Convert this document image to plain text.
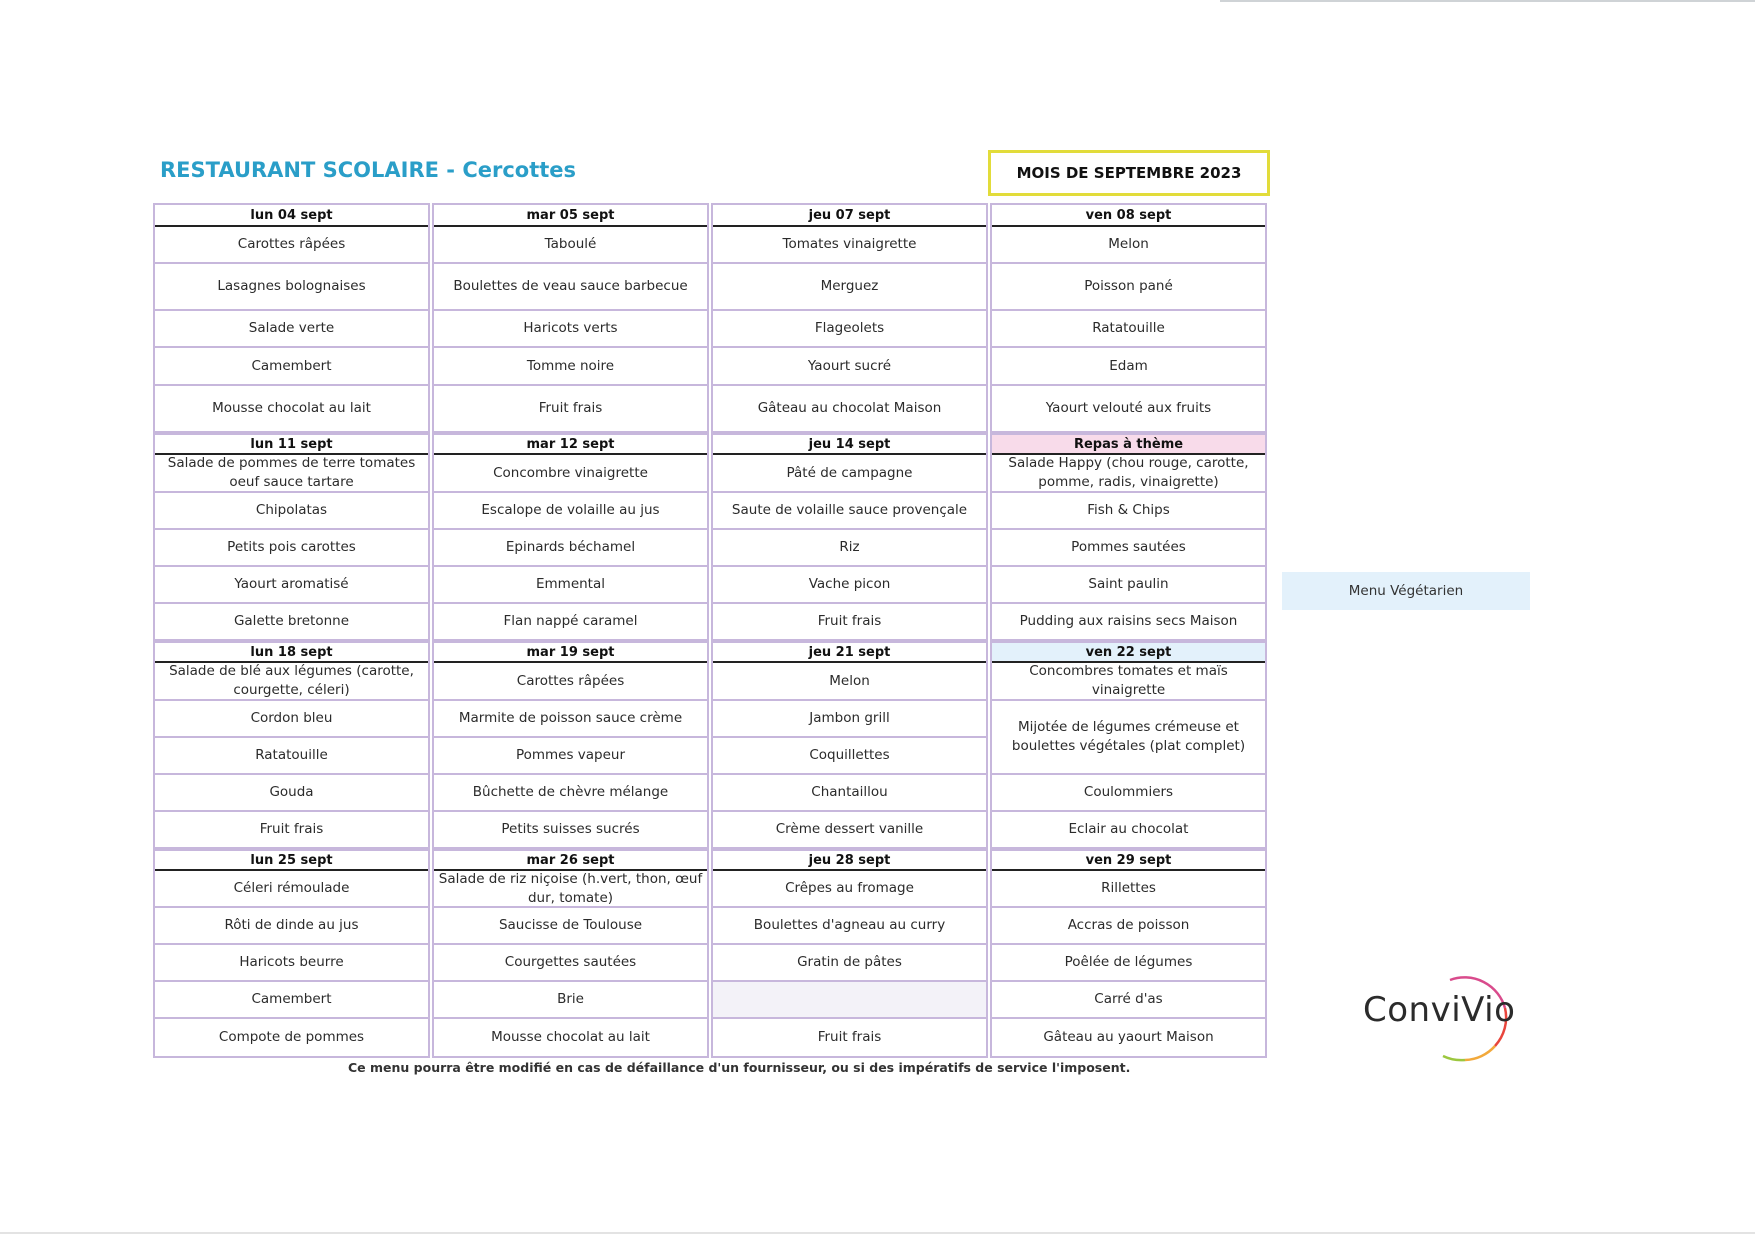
RESTAURANT SCOLAIRE - Cercottes	MOIS DE SEPTEMBRE 2023
lun 04 sept
Carottes râpées
Lasagnes bolognaises
Salade verte
Camembert
Mousse chocolat au lait
lun 11 sept
Salade de pommes de terre tomates oeuf sauce tartare
Chipolatas
Petits pois carottes
Yaourt aromatisé
Galette bretonne
lun 18 sept
Salade de blé aux légumes (carotte, courgette, céleri)
Cordon bleu
Ratatouille
Gouda
Fruit frais
lun 25 sept
Céleri rémoulade
Rôti de dinde au jus
Haricots beurre
Camembert
Compote de pommes
mar 05 sept
Taboulé
Boulettes de veau sauce barbecue
Haricots verts
Tomme noire
Fruit frais
mar 12 sept
Concombre vinaigrette
Escalope de volaille au jus
Epinards béchamel
Emmental
Flan nappé caramel
mar 19 sept
Carottes râpées
Marmite de poisson sauce crème
Pommes vapeur
Bûchette de chèvre mélange
Petits suisses sucrés
mar 26 sept
Salade de riz niçoise (h.vert, thon, œuf dur, tomate)
Saucisse de Toulouse
Courgettes sautées
Brie
Mousse chocolat au lait
jeu 07 sept
Tomates vinaigrette
Merguez
Flageolets
Yaourt sucré
Gâteau au chocolat Maison
jeu 14 sept
Pâté de campagne
Saute de volaille sauce provençale
Riz
Vache picon
Fruit frais
jeu 21 sept
Melon
Jambon grill
Coquillettes
Chantaillou
Crème dessert vanille
jeu 28 sept
Crêpes au fromage
Boulettes d'agneau au curry
Gratin de pâtes
Fruit frais
ven 08 sept
Melon
Poisson pané
Ratatouille
Edam
Yaourt velouté aux fruits
Repas à thème
Salade Happy (chou rouge, carotte, pomme, radis, vinaigrette)
Fish & Chips
Pommes sautées
Saint paulin
Pudding aux raisins secs Maison
ven 22 sept
Concombres tomates et maïs vinaigrette
Mijotée de légumes crémeuse et boulettes végétales (plat complet)
Coulommiers
Eclair au chocolat
ven 29 sept
Rillettes
Accras de poisson
Poêlée de légumes
Carré d'as
Gâteau au yaourt Maison
Menu Végétarien
Ce menu pourra être modifié en cas de défaillance d'un fournisseur, ou si des impératifs de service l'imposent.
ConviVio
